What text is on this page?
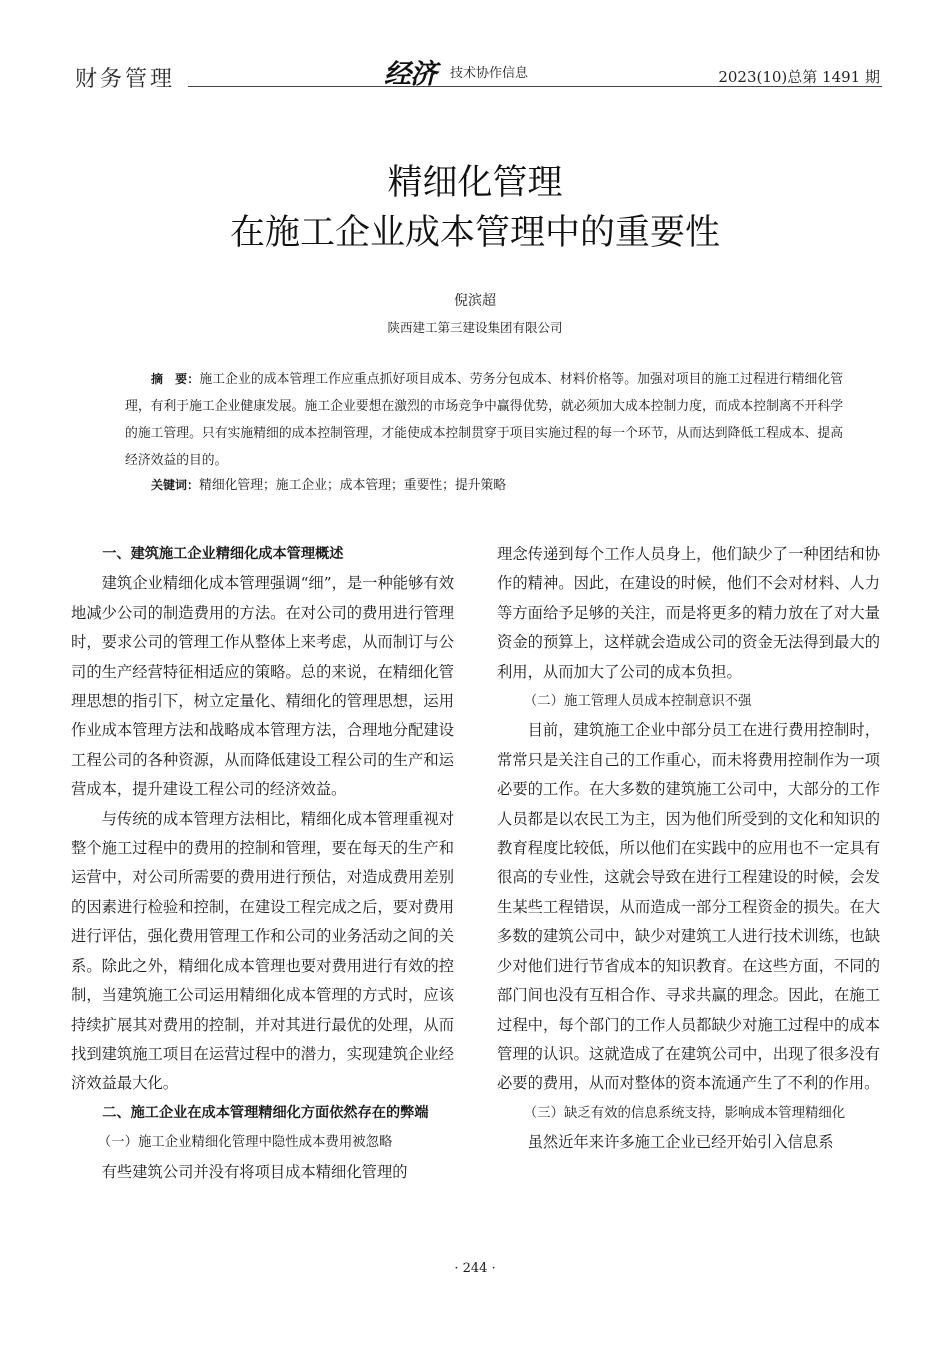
财务管理	经济 技术协作信息	2023(10)总第 1491 期
精细化管理
在施工企业成本管理中的重要性
倪滨超
陕西建工第三建设集团有限公司
摘　要：施工企业的成本管理工作应重点抓好项目成本、劳务分包成本、材料价格等。加强对项目的施工过程进行精细化管理，有利于施工企业健康发展。施工企业要想在激烈的市场竞争中赢得优势，就必须加大成本控制力度，而成本控制离不开科学的施工管理。只有实施精细的成本控制管理，才能使成本控制贯穿于项目实施过程的每一个环节，从而达到降低工程成本、提高经济效益的目的。
关键词：精细化管理；施工企业；成本管理；重要性；提升策略
一、建筑施工企业精细化成本管理概述

建筑企业精细化成本管理强调“细”，是一种能够有效地减少公司的制造费用的方法。在对公司的费用进行管理时，要求公司的管理工作从整体上来考虑，从而制订与公司的生产经营特征相适应的策略。总的来说，在精细化管理思想的指引下，树立定量化、精细化的管理思想，运用作业成本管理方法和战略成本管理方法，合理地分配建设工程公司的各种资源，从而降低建设工程公司的生产和运营成本，提升建设工程公司的经济效益。

与传统的成本管理方法相比，精细化成本管理重视对整个施工过程中的费用的控制和管理，要在每天的生产和运营中，对公司所需要的费用进行预估，对造成费用差别的因素进行检验和控制，在建设工程完成之后，要对费用进行评估，强化费用管理工作和公司的业务活动之间的关系。除此之外，精细化成本管理也要对费用进行有效的控制，当建筑施工公司运用精细化成本管理的方式时，应该持续扩展其对费用的控制，并对其进行最优的处理，从而找到建筑施工项目在运营过程中的潜力，实现建筑企业经济效益最大化。

二、施工企业在成本管理精细化方面依然存在的弊端

（一）施工企业精细化管理中隐性成本费用被忽略

有些建筑公司并没有将项目成本精细化管理的

理念传递到每个工作人员身上，他们缺少了一种团结和协作的精神。因此，在建设的时候，他们不会对材料、人力等方面给予足够的关注，而是将更多的精力放在了对大量资金的预算上，这样就会造成公司的资金无法得到最大的利用，从而加大了公司的成本负担。

（二）施工管理人员成本控制意识不强

目前，建筑施工企业中部分员工在进行费用控制时，常常只是关注自己的工作重心，而未将费用控制作为一项必要的工作。在大多数的建筑施工公司中，大部分的工作人员都是以农民工为主，因为他们所受到的文化和知识的教育程度比较低，所以他们在实践中的应用也不一定具有很高的专业性，这就会导致在进行工程建设的时候，会发生某些工程错误，从而造成一部分工程资金的损失。在大多数的建筑公司中，缺少对建筑工人进行技术训练，也缺少对他们进行节省成本的知识教育。在这些方面，不同的部门间也没有互相合作、寻求共赢的理念。因此，在施工过程中，每个部门的工作人员都缺少对施工过程中的成本管理的认识。这就造成了在建筑公司中，出现了很多没有必要的费用，从而对整体的资本流通产生了不利的作用。

（三）缺乏有效的信息系统支持，影响成本管理精细化

虽然近年来许多施工企业已经开始引入信息系

· 244 ·
